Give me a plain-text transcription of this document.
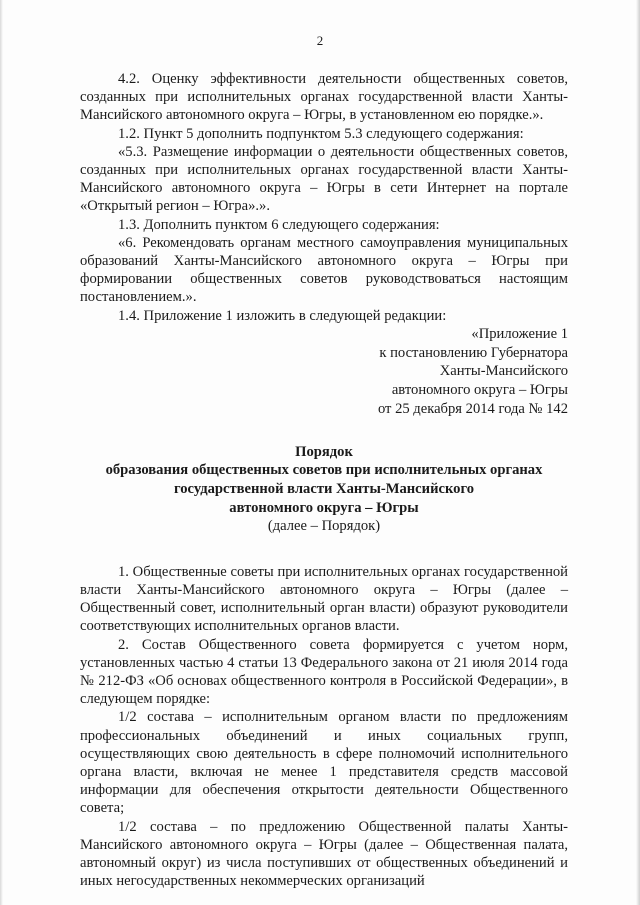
2

4.2. Оценку эффективности деятельности общественных советов, созданных при исполнительных органах государственной власти Ханты-Мансийского автономного округа – Югры, в установленном ею порядке.».

1.2. Пункт 5 дополнить подпунктом 5.3 следующего содержания:

«5.3. Размещение информации о деятельности общественных советов, созданных при исполнительных органах государственной власти Ханты-Мансийского автономного округа – Югры в сети Интернет на портале «Открытый регион – Югра».».

1.3. Дополнить пунктом 6 следующего содержания:

«6. Рекомендовать органам местного самоуправления муниципальных образований Ханты-Мансийского автономного округа – Югры при формировании общественных советов руководствоваться настоящим постановлением.».

1.4. Приложение 1 изложить в следующей редакции:

«Приложение 1
к постановлению Губернатора
Ханты-Мансийского
автономного округа – Югры
от 25 декабря 2014 года № 142
Порядок
образования общественных советов при исполнительных органах
государственной власти Ханты-Мансийского
автономного округа – Югры
(далее – Порядок)

1. Общественные советы при исполнительных органах государственной власти Ханты-Мансийского автономного округа – Югры (далее – Общественный совет, исполнительный орган власти) образуют руководители соответствующих исполнительных органов власти.

2. Состав Общественного совета формируется с учетом норм, установленных частью 4 статьи 13 Федерального закона от 21 июля 2014 года № 212-ФЗ «Об основах общественного контроля в Российской Федерации», в следующем порядке:

1/2 состава – исполнительным органом власти по предложениям профессиональных объединений и иных социальных групп, осуществляющих свою деятельность в сфере полномочий исполнительного органа власти, включая не менее 1 представителя средств массовой информации для обеспечения открытости деятельности Общественного совета;

1/2 состава – по предложению Общественной палаты Ханты-Мансийского автономного округа – Югры (далее – Общественная палата, автономный округ) из числа поступивших от общественных объединений и иных негосударственных некоммерческих организаций
